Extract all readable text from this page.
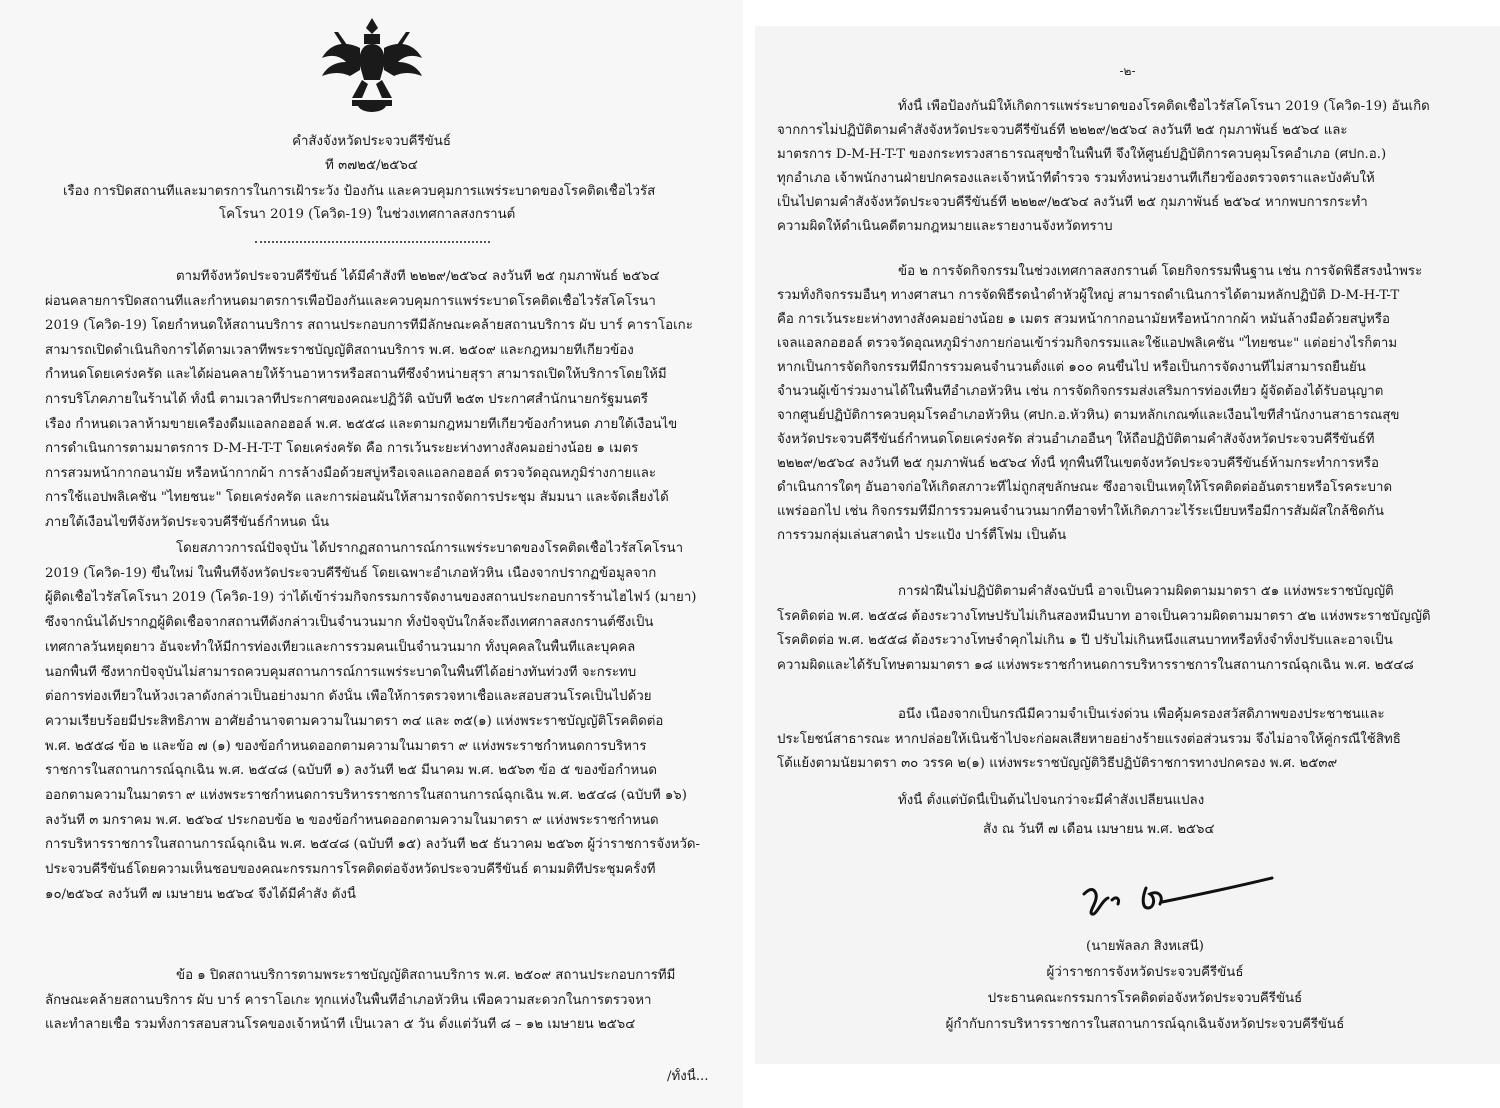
คำสั่งจังหวัดประจวบคีรีขันธ์
ที่ ๓๗๒๕/๒๕๖๔
เรื่อง การปิดสถานที่และมาตรการในการเฝ้าระวัง ป้องกัน และควบคุมการแพร่ระบาดของโรคติดเชื้อไวรัส
โคโรนา 2019 (โควิด-19) ในช่วงเทศกาลสงกรานต์
ตามที่จังหวัดประจวบคีรีขันธ์ ได้มีคำสั่งที่ ๒๒๒๙/๒๕๖๔ ลงวันที่ ๒๕ กุมภาพันธ์ ๒๕๖๔
ผ่อนคลายการปิดสถานที่และกำหนดมาตรการเพื่อป้องกันและควบคุมการแพร่ระบาดโรคติดเชื้อไวรัสโคโรนา
2019 (โควิด-19) โดยกำหนดให้สถานบริการ สถานประกอบการที่มีลักษณะคล้ายสถานบริการ ผับ บาร์ คาราโอเกะ
สามารถเปิดดำเนินกิจการได้ตามเวลาที่พระราชบัญญัติสถานบริการ พ.ศ. ๒๕๐๙ และกฎหมายที่เกี่ยวข้อง
กำหนดโดยเคร่งครัด และได้ผ่อนคลายให้ร้านอาหารหรือสถานที่ซึ่งจำหน่ายสุรา สามารถเปิดให้บริการโดยให้มี
การบริโภคภายในร้านได้ ทั้งนี้ ตามเวลาที่ประกาศของคณะปฏิวัติ ฉบับที่ ๒๕๓ ประกาศสำนักนายกรัฐมนตรี
เรื่อง กำหนดเวลาห้ามขายเครื่องดื่มแอลกอฮอล์ พ.ศ. ๒๕๕๘ และตามกฎหมายที่เกี่ยวข้องกำหนด ภายใต้เงื่อนไข
การดำเนินการตามมาตรการ D-M-H-T-T โดยเคร่งครัด คือ การเว้นระยะห่างทางสังคมอย่างน้อย ๑ เมตร
การสวมหน้ากากอนามัย หรือหน้ากากผ้า การล้างมือด้วยสบู่หรือเจลแอลกอฮอล์ ตรวจวัดอุณหภูมิร่างกายและ
การใช้แอปพลิเคชั่น "ไทยชนะ" โดยเคร่งครัด และการผ่อนผันให้สามารถจัดการประชุม สัมมนา และจัดเลี้ยงได้
ภายใต้เงื่อนไขที่จังหวัดประจวบคีรีขันธ์กำหนด นั้น
โดยสภาวการณ์ปัจจุบัน ได้ปรากฏสถานการณ์การแพร่ระบาดของโรคติดเชื้อไวรัสโคโรนา
2019 (โควิด-19) ขึ้นใหม่ ในพื้นที่จังหวัดประจวบคีรีขันธ์ โดยเฉพาะอำเภอหัวหิน เนื่องจากปรากฏข้อมูลจาก
ผู้ติดเชื้อไวรัสโคโรนา 2019 (โควิด-19) ว่าได้เข้าร่วมกิจกรรมการจัดงานของสถานประกอบการร้านไฮไฟว์ (มายา)
ซึ่งจากนั้นได้ปรากฏผู้ติดเชื้อจากสถานที่ดังกล่าวเป็นจำนวนมาก ทั้งปัจจุบันใกล้จะถึงเทศกาลสงกรานต์ซึ่งเป็น
เทศกาลวันหยุดยาว อันจะทำให้มีการท่องเที่ยวและการรวมคนเป็นจำนวนมาก ทั้งบุคคลในพื้นที่และบุคคล
นอกพื้นที่ ซึ่งหากปัจจุบันไม่สามารถควบคุมสถานการณ์การแพร่ระบาดในพื้นที่ได้อย่างทันท่วงที จะกระทบ
ต่อการท่องเที่ยวในห้วงเวลาดังกล่าวเป็นอย่างมาก ดังนั้น เพื่อให้การตรวจหาเชื้อและสอบสวนโรคเป็นไปด้วย
ความเรียบร้อยมีประสิทธิภาพ อาศัยอำนาจตามความในมาตรา ๓๔ และ ๓๕(๑) แห่งพระราชบัญญัติโรคติดต่อ
พ.ศ. ๒๕๕๘ ข้อ ๒ และข้อ ๗ (๑) ของข้อกำหนดออกตามความในมาตรา ๙ แห่งพระราชกำหนดการบริหาร
ราชการในสถานการณ์ฉุกเฉิน พ.ศ. ๒๕๔๘ (ฉบับที่ ๑) ลงวันที่ ๒๕ มีนาคม พ.ศ. ๒๕๖๓ ข้อ ๕ ของข้อกำหนด
ออกตามความในมาตรา ๙ แห่งพระราชกำหนดการบริหารราชการในสถานการณ์ฉุกเฉิน พ.ศ. ๒๕๔๘ (ฉบับที่ ๑๖)
ลงวันที่ ๓ มกราคม พ.ศ. ๒๕๖๔ ประกอบข้อ ๒ ของข้อกำหนดออกตามความในมาตรา ๙ แห่งพระราชกำหนด
การบริหารราชการในสถานการณ์ฉุกเฉิน พ.ศ. ๒๕๔๘ (ฉบับที่ ๑๕) ลงวันที่ ๒๕ ธันวาคม ๒๕๖๓ ผู้ว่าราชการจังหวัด-
ประจวบคีรีขันธ์โดยความเห็นชอบของคณะกรรมการโรคติดต่อจังหวัดประจวบคีรีขันธ์ ตามมติที่ประชุมครั้งที่
๑๐/๒๕๖๔ ลงวันที่ ๗ เมษายน ๒๕๖๔ จึงได้มีคำสั่ง ดังนี้
ข้อ ๑ ปิดสถานบริการตามพระราชบัญญัติสถานบริการ พ.ศ. ๒๕๐๙ สถานประกอบการที่มี
ลักษณะคล้ายสถานบริการ ผับ บาร์ คาราโอเกะ ทุกแห่งในพื้นที่อำเภอหัวหิน เพื่อความสะดวกในการตรวจหา
และทำลายเชื้อ รวมทั้งการสอบสวนโรคของเจ้าหน้าที่ เป็นเวลา ๕ วัน ตั้งแต่วันที่ ๘ – ๑๒ เมษายน ๒๕๖๔
/ทั้งนี้...
-๒-
ทั้งนี้ เพื่อป้องกันมิให้เกิดการแพร่ระบาดของโรคติดเชื้อไวรัสโคโรนา 2019 (โควิด-19) อันเกิด
จากการไม่ปฏิบัติตามคำสั่งจังหวัดประจวบคีรีขันธ์ที่ ๒๒๒๙/๒๕๖๔ ลงวันที่ ๒๕ กุมภาพันธ์ ๒๕๖๔ และ
มาตรการ D-M-H-T-T ของกระทรวงสาธารณสุขซ้ำในพื้นที่ จึงให้ศูนย์ปฏิบัติการควบคุมโรคอำเภอ (ศปก.อ.)
ทุกอำเภอ เจ้าพนักงานฝ่ายปกครองและเจ้าหน้าที่ตำรวจ รวมทั้งหน่วยงานที่เกี่ยวข้องตรวจตราและบังคับให้
เป็นไปตามคำสั่งจังหวัดประจวบคีรีขันธ์ที่ ๒๒๒๙/๒๕๖๔ ลงวันที่ ๒๕ กุมภาพันธ์ ๒๕๖๔ หากพบการกระทำ
ความผิดให้ดำเนินคดีตามกฎหมายและรายงานจังหวัดทราบ
ข้อ ๒ การจัดกิจกรรมในช่วงเทศกาลสงกรานต์ โดยกิจกรรมพื้นฐาน เช่น การจัดพิธีสรงน้ำพระ
รวมทั้งกิจกรรมอื่นๆ ทางศาสนา การจัดพิธีรดน้ำดำหัวผู้ใหญ่ สามารถดำเนินการได้ตามหลักปฏิบัติ D-M-H-T-T
คือ การเว้นระยะห่างทางสังคมอย่างน้อย ๑ เมตร สวมหน้ากากอนามัยหรือหน้ากากผ้า หมั่นล้างมือด้วยสบู่หรือ
เจลแอลกอฮอล์ ตรวจวัดอุณหภูมิร่างกายก่อนเข้าร่วมกิจกรรมและใช้แอปพลิเคชั่น "ไทยชนะ" แต่อย่างไรก็ตาม
หากเป็นการจัดกิจกรรมที่มีการรวมคนจำนวนตั้งแต่ ๑๐๐ คนขึ้นไป หรือเป็นการจัดงานที่ไม่สามารถยืนยัน
จำนวนผู้เข้าร่วมงานได้ในพื้นที่อำเภอหัวหิน เช่น การจัดกิจกรรมส่งเสริมการท่องเที่ยว ผู้จัดต้องได้รับอนุญาต
จากศูนย์ปฏิบัติการควบคุมโรคอำเภอหัวหิน (ศปก.อ.หัวหิน) ตามหลักเกณฑ์และเงื่อนไขที่สำนักงานสาธารณสุข
จังหวัดประจวบคีรีขันธ์กำหนดโดยเคร่งครัด ส่วนอำเภออื่นๆ ให้ถือปฏิบัติตามคำสั่งจังหวัดประจวบคีรีขันธ์ที่
๒๒๒๙/๒๕๖๔ ลงวันที่ ๒๕ กุมภาพันธ์ ๒๕๖๔ ทั้งนี้ ทุกพื้นที่ในเขตจังหวัดประจวบคีรีขันธ์ห้ามกระทำการหรือ
ดำเนินการใดๆ อันอาจก่อให้เกิดสภาวะที่ไม่ถูกสุขลักษณะ ซึ่งอาจเป็นเหตุให้โรคติดต่ออันตรายหรือโรคระบาด
แพร่ออกไป เช่น กิจกรรมที่มีการรวมคนจำนวนมากที่อาจทำให้เกิดภาวะไร้ระเบียบหรือมีการสัมผัสใกล้ชิดกัน
การรวมกลุ่มเล่นสาดน้ำ ประแป้ง ปาร์ตี้โฟม เป็นต้น
การฝ่าฝืนไม่ปฏิบัติตามคำสั่งฉบับนี้ อาจเป็นความผิดตามมาตรา ๕๑ แห่งพระราชบัญญัติ
โรคติดต่อ พ.ศ. ๒๕๕๘ ต้องระวางโทษปรับไม่เกินสองหมื่นบาท อาจเป็นความผิดตามมาตรา ๕๒ แห่งพระราชบัญญัติ
โรคติดต่อ พ.ศ. ๒๕๕๘ ต้องระวางโทษจำคุกไม่เกิน ๑ ปี ปรับไม่เกินหนึ่งแสนบาทหรือทั้งจำทั้งปรับและอาจเป็น
ความผิดและได้รับโทษตามมาตรา ๑๘ แห่งพระราชกำหนดการบริหารราชการในสถานการณ์ฉุกเฉิน พ.ศ. ๒๕๔๘
อนึ่ง เนื่องจากเป็นกรณีมีความจำเป็นเร่งด่วน เพื่อคุ้มครองสวัสดิภาพของประชาชนและ
ประโยชน์สาธารณะ หากปล่อยให้เนิ่นช้าไปจะก่อผลเสียหายอย่างร้ายแรงต่อส่วนรวม จึงไม่อาจให้คู่กรณีใช้สิทธิ
โต้แย้งตามนัยมาตรา ๓๐ วรรค ๒(๑) แห่งพระราชบัญญัติวิธีปฏิบัติราชการทางปกครอง พ.ศ. ๒๕๓๙
ทั้งนี้ ตั้งแต่บัดนี้เป็นต้นไปจนกว่าจะมีคำสั่งเปลี่ยนแปลง
สั่ง ณ วันที่ ๗ เดือน เมษายน พ.ศ. ๒๕๖๔
(นายพัลลภ สิงหเสนี)
ผู้ว่าราชการจังหวัดประจวบคีรีขันธ์
ประธานคณะกรรมการโรคติดต่อจังหวัดประจวบคีรีขันธ์
ผู้กำกับการบริหารราชการในสถานการณ์ฉุกเฉินจังหวัดประจวบคีรีขันธ์
